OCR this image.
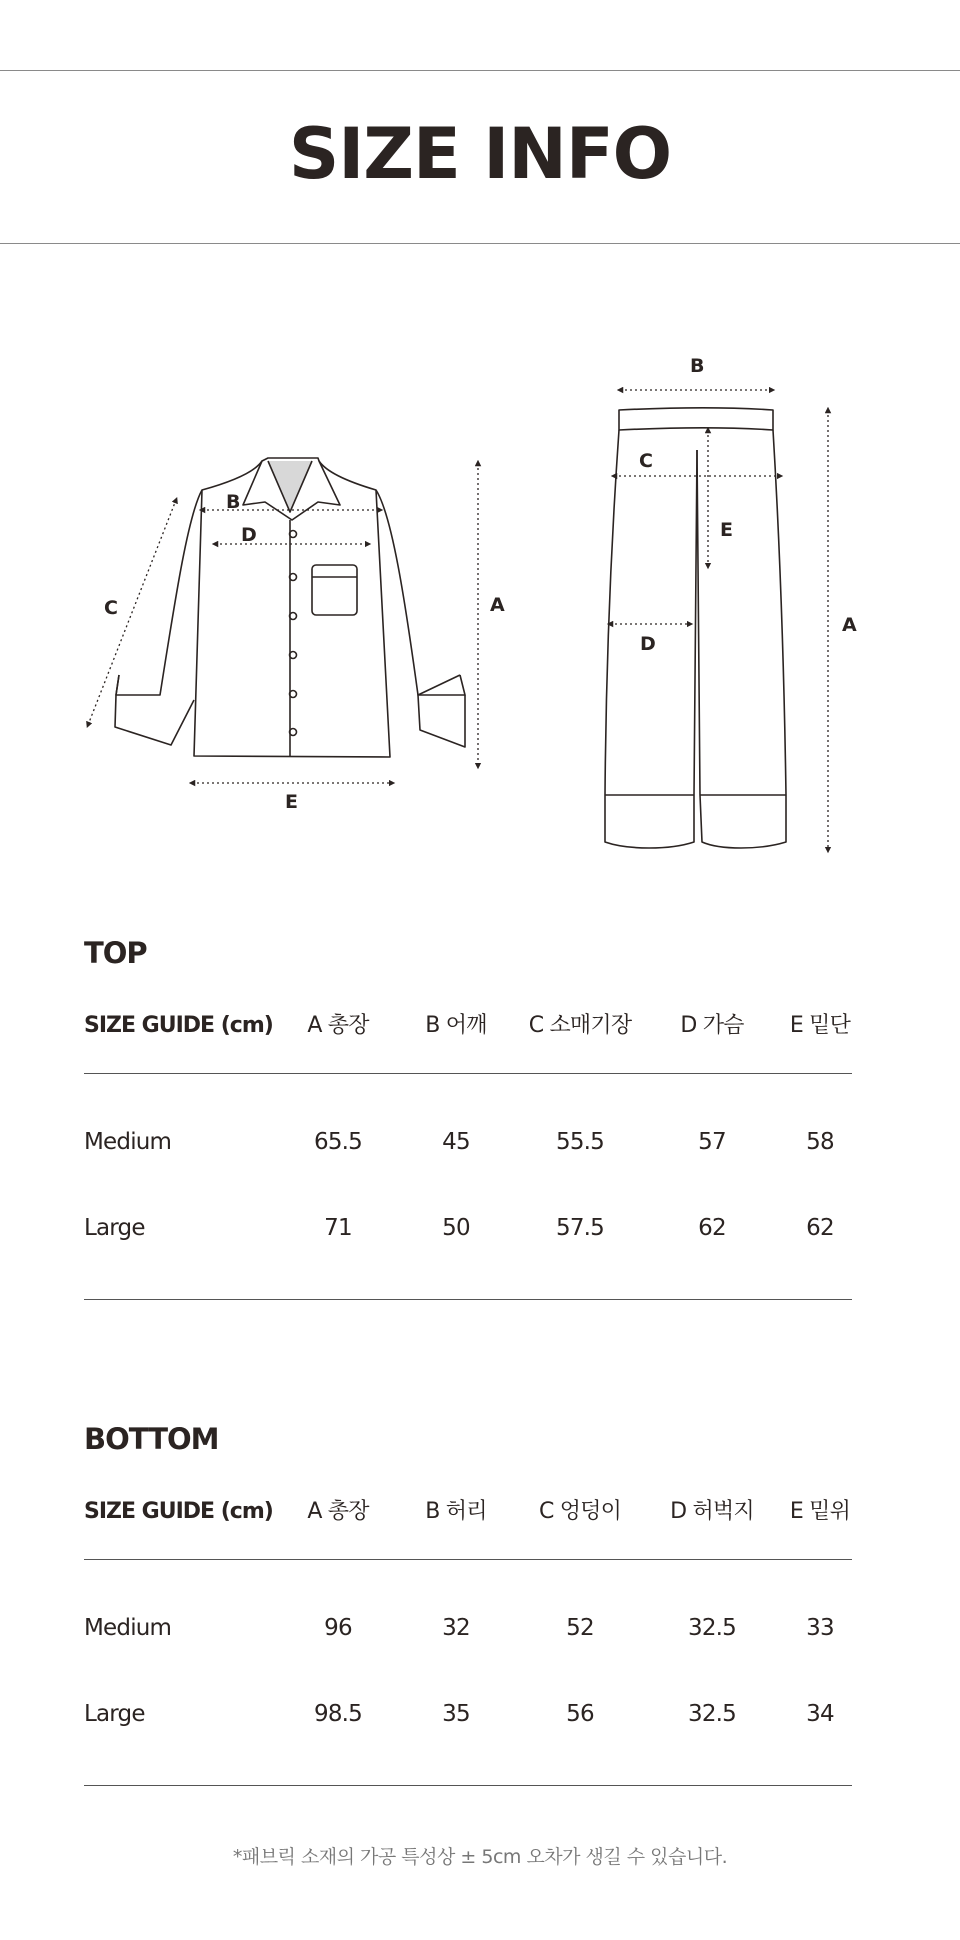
SIZE INFO
B
D
C	A
E
B
C
E
D
A
TOP
SIZE GUIDE (cm)	A 총장	B 어깨	C 소매기장	D 가슴	E 밑단
Medium	65.5	45	55.5	57	58
Large	71	50	57.5	62	62
BOTTOM
SIZE GUIDE (cm)	A 총장	B 허리	C 엉덩이	D 허벅지	E 밑위
Medium	96	32	52	32.5	33
Large	98.5	35	56	32.5	34
*패브릭 소재의 가공 특성상 ± 5cm 오차가 생길 수 있습니다.
